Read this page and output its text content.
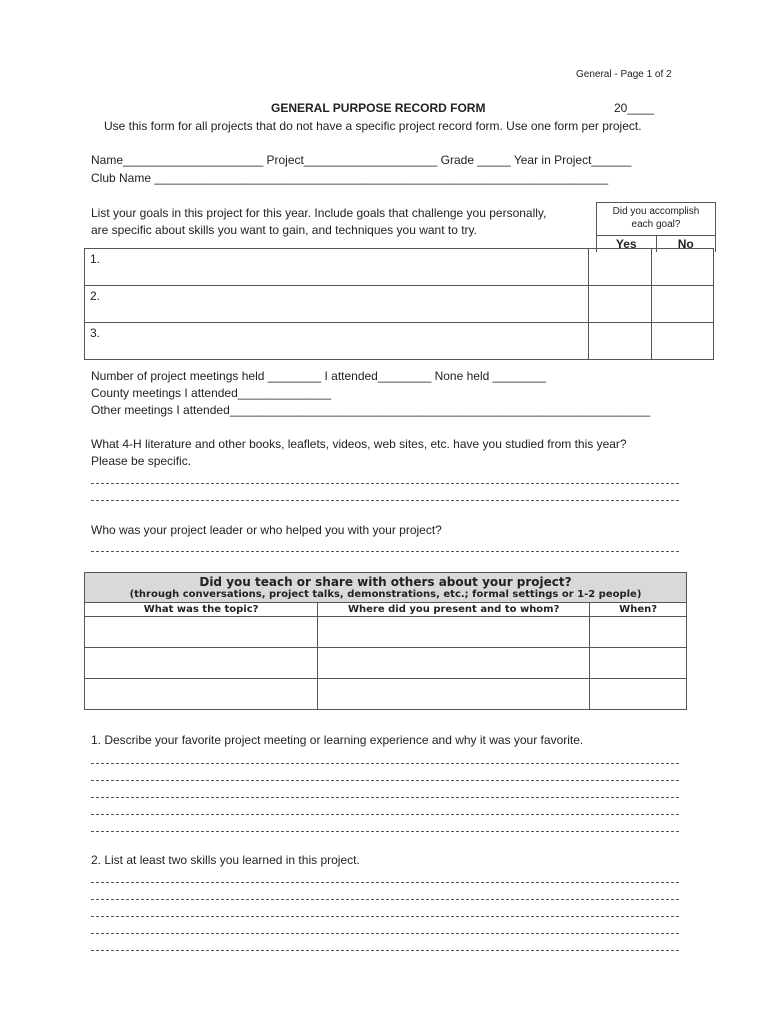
General - Page 1 of 2
GENERAL PURPOSE RECORD FORM	20____
Use this form for all projects that do not have a specific project record form. Use one form per project.
Name_____________________ Project____________________ Grade _____ Year in Project______
Club Name ____________________________________________________________________
List your goals in this project for this year. Include goals that challenge you personally,
are specific about skills you want to gain, and techniques you want to try.
Did you accomplish
each goal?
Yes	No
1.		
2.		
3.		
Number of project meetings held ________ I attended________ None held ________
County meetings I attended______________
Other meetings I attended_______________________________________________________________
What 4-H literature and other books, leaflets, videos, web sites, etc. have you studied from this year?
Please be specific.
Who was your project leader or who helped you with your project?
Did you teach or share with others about your project?
(through conversations, project talks, demonstrations, etc.; formal settings or 1-2 people)		

What was the topic?	Where did you present and to whom?	When?

1. Describe your favorite project meeting or learning experience and why it was your favorite.
2. List at least two skills you learned in this project.
